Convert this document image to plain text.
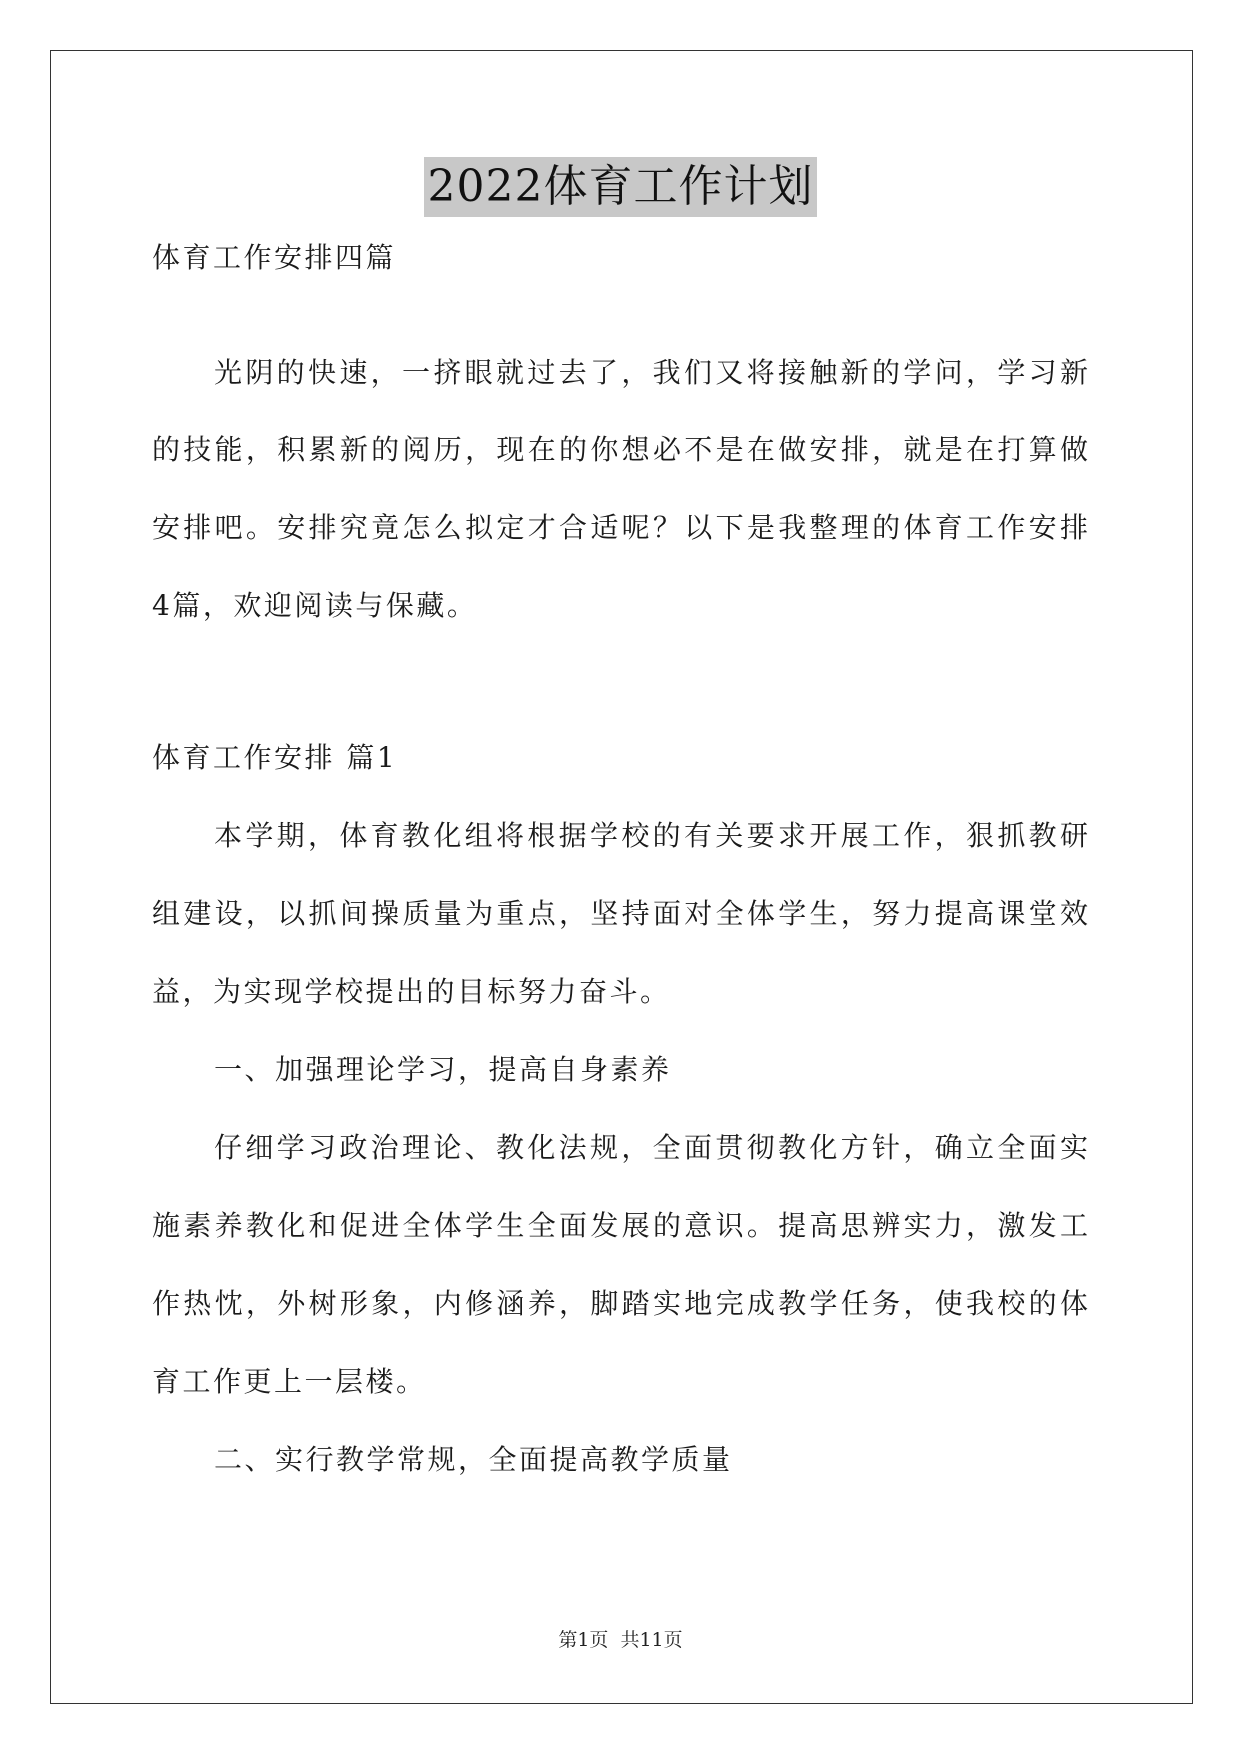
2022体育工作计划

体育工作安排四篇

光阴的快速，一挤眼就过去了，我们又将接触新的学问，学习新

的技能，积累新的阅历，现在的你想必不是在做安排，就是在打算做

安排吧。安排究竟怎么拟定才合适呢？以下是我整理的体育工作安排

4篇，欢迎阅读与保藏。

体育工作安排 篇1

本学期，体育教化组将根据学校的有关要求开展工作，狠抓教研

组建设，以抓间操质量为重点，坚持面对全体学生，努力提高课堂效

益，为实现学校提出的目标努力奋斗。

一、加强理论学习，提高自身素养

仔细学习政治理论、教化法规，全面贯彻教化方针，确立全面实

施素养教化和促进全体学生全面发展的意识。提高思辨实力，激发工

作热忱，外树形象，内修涵养，脚踏实地完成教学任务，使我校的体

育工作更上一层楼。

二、实行教学常规，全面提高教学质量

第1页 共11页
